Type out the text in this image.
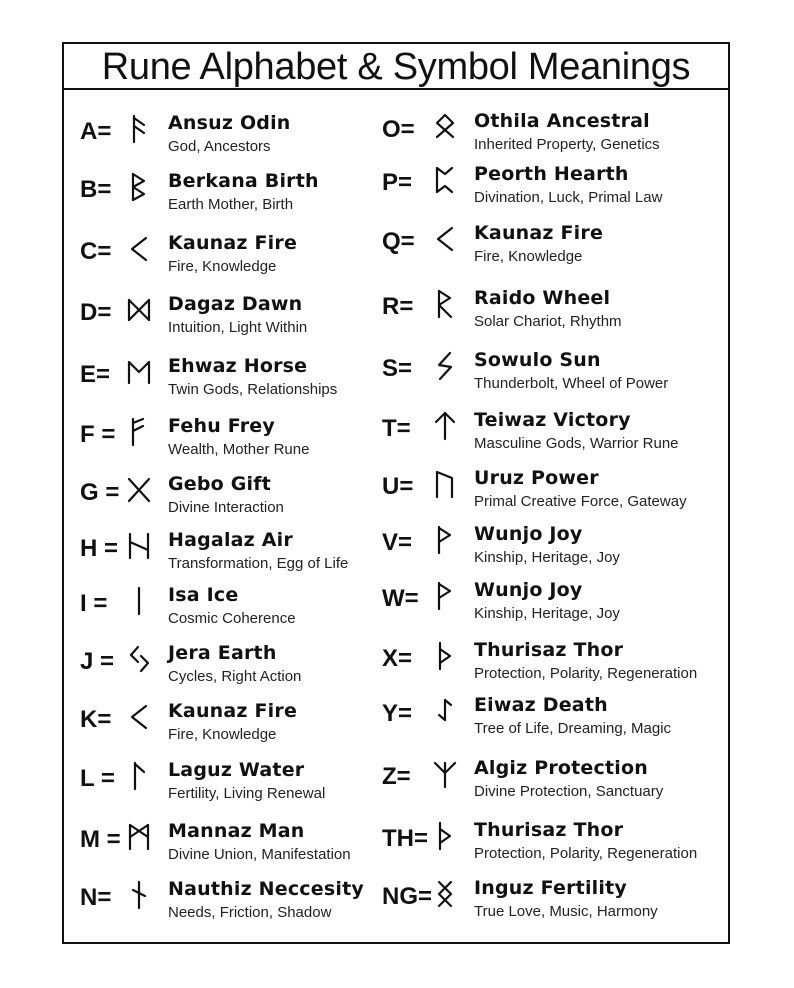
Rune Alphabet & Symbol Meanings
A=	Ansuz Odin
God, Ancestors
B=	Berkana Birth
Earth Mother, Birth
C=	Kaunaz Fire
Fire, Knowledge
D=	Dagaz Dawn
Intuition, Light Within
E=	Ehwaz Horse
Twin Gods, Relationships
F =	Fehu Frey
Wealth, Mother Rune
G =	Gebo Gift
Divine Interaction
H =	Hagalaz Air
Transformation, Egg of Life
I =	Isa Ice
Cosmic Coherence
J =	Jera Earth
Cycles, Right Action
K=	Kaunaz Fire
Fire, Knowledge
L =	Laguz Water
Fertility, Living Renewal
M = Mannaz Man
Divine Union, Manifestation
N=	Nauthiz Neccesity
Needs, Friction, Shadow
O=	Othila Ancestral
Inherited Property, Genetics
P=	Peorth Hearth
Divination, Luck, Primal Law
Q=	Kaunaz Fire
Fire, Knowledge
R=	Raido Wheel
Solar Chariot, Rhythm
S=	Sowulo Sun
Thunderbolt, Wheel of Power
T=	Teiwaz Victory
Masculine Gods, Warrior Rune
U=	Uruz Power
Primal Creative Force, Gateway
V=	Wunjo Joy
Kinship, Heritage, Joy
W=	Wunjo Joy
Kinship, Heritage, Joy
X=	Thurisaz Thor
Protection, Polarity, Regeneration
Y=	Eiwaz Death
Tree of Life, Dreaming, Magic
Z=	Algiz Protection
Divine Protection, Sanctuary
TH= Thurisaz Thor
Protection, Polarity, Regeneration
NG= Inguz Fertility
True Love, Music, Harmony
